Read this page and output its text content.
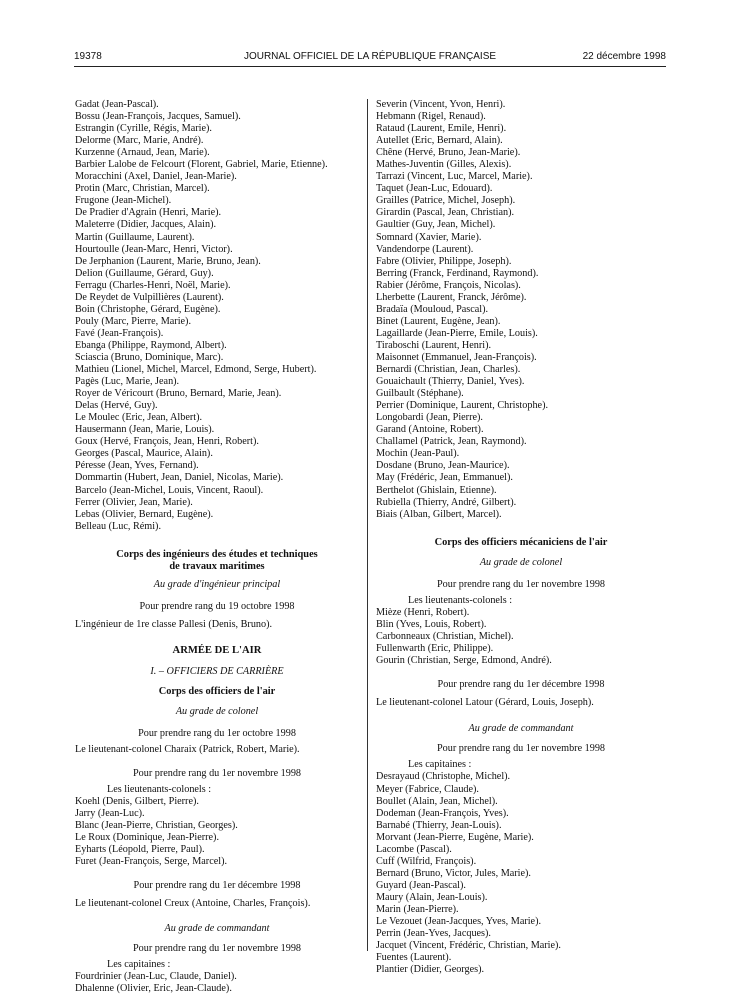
19378	JOURNAL OFFICIEL DE LA RÉPUBLIQUE FRANÇAISE	22 décembre 1998
Gadat (Jean-Pascal).
Bossu (Jean-François, Jacques, Samuel).
Estrangin (Cyrille, Régis, Marie).
Delorme (Marc, Marie, André).
Kurzenne (Arnaud, Jean, Marie).
Barbier Lalobe de Felcourt (Florent, Gabriel, Marie, Etienne).
Moracchini (Axel, Daniel, Jean-Marie).
Protin (Marc, Christian, Marcel).
Frugone (Jean-Michel).
De Pradier d'Agrain (Henri, Marie).
Maleterre (Didier, Jacques, Alain).
Martin (Guillaume, Laurent).
Hourtoulle (Jean-Marc, Henri, Victor).
De Jerphanion (Laurent, Marie, Bruno, Jean).
Delion (Guillaume, Gérard, Guy).
Ferragu (Charles-Henri, Noël, Marie).
De Reydet de Vulpillières (Laurent).
Boin (Christophe, Gérard, Eugène).
Pouly (Marc, Pierre, Marie).
Favé (Jean-François).
Ebanga (Philippe, Raymond, Albert).
Sciascia (Bruno, Dominique, Marc).
Mathieu (Lionel, Michel, Marcel, Edmond, Serge, Hubert).
Pagès (Luc, Marie, Jean).
Royer de Véricourt (Bruno, Bernard, Marie, Jean).
Delas (Hervé, Guy).
Le Moulec (Eric, Jean, Albert).
Hausermann (Jean, Marie, Louis).
Goux (Hervé, François, Jean, Henri, Robert).
Georges (Pascal, Maurice, Alain).
Péresse (Jean, Yves, Fernand).
Dommartin (Hubert, Jean, Daniel, Nicolas, Marie).
Barcelo (Jean-Michel, Louis, Vincent, Raoul).
Ferrer (Olivier, Jean, Marie).
Lebas (Olivier, Bernard, Eugène).
Belleau (Luc, Rémi).
Corps des ingénieurs des études et techniques
de travaux maritimes
Au grade d'ingénieur principal
Pour prendre rang du 19 octobre 1998
L'ingénieur de 1re classe Pallesi (Denis, Bruno).
ARMÉE DE L'AIR
I. – OFFICIERS DE CARRIÈRE
Corps des officiers de l'air
Au grade de colonel
Pour prendre rang du 1er octobre 1998
Le lieutenant-colonel Charaix (Patrick, Robert, Marie).
Pour prendre rang du 1er novembre 1998
Les lieutenants-colonels :
Koehl (Denis, Gilbert, Pierre).
Jarry (Jean-Luc).
Blanc (Jean-Pierre, Christian, Georges).
Le Roux (Dominique, Jean-Pierre).
Eyharts (Léopold, Pierre, Paul).
Furet (Jean-François, Serge, Marcel).
Pour prendre rang du 1er décembre 1998
Le lieutenant-colonel Creux (Antoine, Charles, François).
Au grade de commandant
Pour prendre rang du 1er novembre 1998
Les capitaines :
Fourdrinier (Jean-Luc, Claude, Daniel).
Dhalenne (Olivier, Eric, Jean-Claude).
Severin (Vincent, Yvon, Henri).
Hebmann (Rigel, Renaud).
Rataud (Laurent, Emile, Henri).
Autellet (Eric, Bernard, Alain).
Chêne (Hervé, Bruno, Jean-Marie).
Mathes-Juventin (Gilles, Alexis).
Tarrazi (Vincent, Luc, Marcel, Marie).
Taquet (Jean-Luc, Edouard).
Grailles (Patrice, Michel, Joseph).
Girardin (Pascal, Jean, Christian).
Gaultier (Guy, Jean, Michel).
Somnard (Xavier, Marie).
Vandendorpe (Laurent).
Fabre (Olivier, Philippe, Joseph).
Berring (Franck, Ferdinand, Raymond).
Rabier (Jérôme, François, Nicolas).
Lherbette (Laurent, Franck, Jérôme).
Bradaïa (Mouloud, Pascal).
Binet (Laurent, Eugène, Jean).
Lagaillarde (Jean-Pierre, Emile, Louis).
Tiraboschi (Laurent, Henri).
Maisonnet (Emmanuel, Jean-François).
Bernardi (Christian, Jean, Charles).
Gouaichault (Thierry, Daniel, Yves).
Guilbault (Stéphane).
Perrier (Dominique, Laurent, Christophe).
Longobardi (Jean, Pierre).
Garand (Antoine, Robert).
Challamel (Patrick, Jean, Raymond).
Mochin (Jean-Paul).
Dosdane (Bruno, Jean-Maurice).
May (Frédéric, Jean, Emmanuel).
Berthelot (Ghislain, Etienne).
Rubiella (Thierry, André, Gilbert).
Biais (Alban, Gilbert, Marcel).
Corps des officiers mécaniciens de l'air
Au grade de colonel
Pour prendre rang du 1er novembre 1998
Les lieutenants-colonels :
Mièze (Henri, Robert).
Blin (Yves, Louis, Robert).
Carbonneaux (Christian, Michel).
Fullenwarth (Eric, Philippe).
Gourin (Christian, Serge, Edmond, André).
Pour prendre rang du 1er décembre 1998
Le lieutenant-colonel Latour (Gérard, Louis, Joseph).
Au grade de commandant
Pour prendre rang du 1er novembre 1998
Les capitaines :
Desrayaud (Christophe, Michel).
Meyer (Fabrice, Claude).
Boullet (Alain, Jean, Michel).
Dodeman (Jean-François, Yves).
Barnabé (Thierry, Jean-Louis).
Morvant (Jean-Pierre, Eugène, Marie).
Lacombe (Pascal).
Cuff (Wilfrid, François).
Bernard (Bruno, Victor, Jules, Marie).
Guyard (Jean-Pascal).
Maury (Alain, Jean-Louis).
Marin (Jean-Pierre).
Le Vezouet (Jean-Jacques, Yves, Marie).
Perrin (Jean-Yves, Jacques).
Jacquet (Vincent, Frédéric, Christian, Marie).
Fuentes (Laurent).
Plantier (Didier, Georges).
